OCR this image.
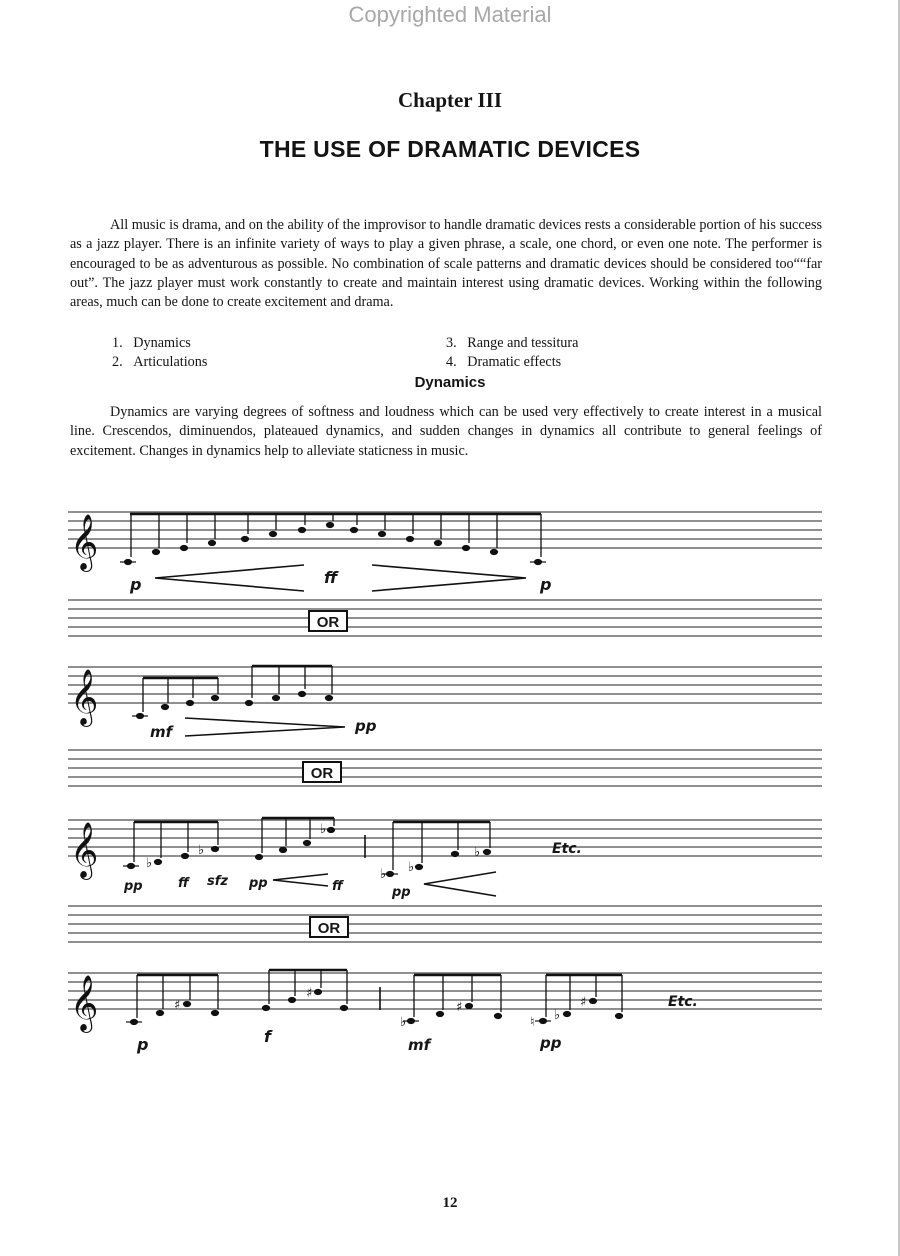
Copyrighted Material
Chapter III
THE USE OF DRAMATIC DEVICES

All music is drama, and on the ability of the improvisor to handle dramatic devices rests a considerable portion of his success as a jazz player. There is an infinite variety of ways to play a given phrase, a scale, one chord, or even one note. The performer is encouraged to be as adventurous as possible. No combination of scale patterns and dramatic devices should be considered too““far out”. The jazz player must work constantly to create and maintain interest using dramatic devices. Working within the following areas, much can be done to create excitement and drama.

1. Dynamics
2. Articulations
3. Range and tessitura
4. Dramatic effects
Dynamics

Dynamics are varying degrees of softness and loudness which can be used very effectively to create interest in a musical line. Crescendos, diminuendos, plateaued dynamics, and sudden changes in dynamics all contribute to general feelings of excitement. Changes in dynamics help to alleviate staticness in music.

𝄞
𝄞
𝄞
𝄞
p	ff	p
OR
mf	pp
OR
♭
♭
♭
♭ ♭
♭	Etc.
pp	ff sfz pp	ff	pp
OR
♯
♯
♭
♯
♮ ♭
♯	Etc.
p	f	mf	pp
12
